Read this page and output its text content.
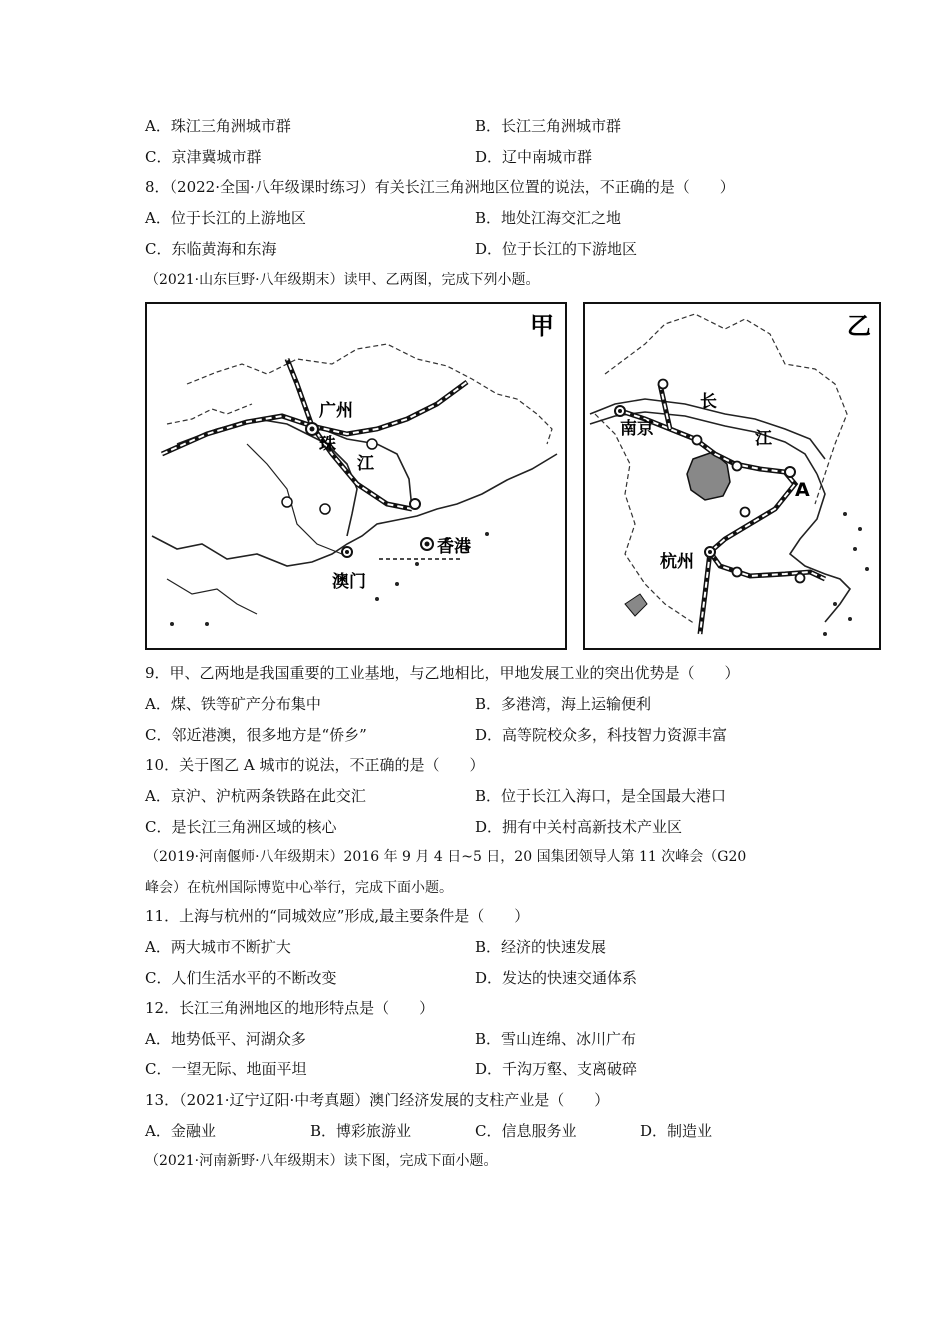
A．珠江三角洲城市群	B．长江三角洲城市群
C．京津冀城市群	D．辽中南城市群
8．（2022·全国·八年级课时练习）有关长江三角洲地区位置的说法，不正确的是（　　）
A．位于长江的上游地区	B．地处江海交汇之地
C．东临黄海和东海	D．位于长江的下游地区
（2021·山东巨野·八年级期末）读甲、乙两图，完成下列小题。
甲
广州
珠
江
香港
澳门
乙
南京
长
江
A
杭州
9．甲、乙两地是我国重要的工业基地，与乙地相比，甲地发展工业的突出优势是（　　）
A．煤、铁等矿产分布集中	B．多港湾，海上运输便利
C．邻近港澳，很多地方是“侨乡”	D．高等院校众多，科技智力资源丰富
10．关于图乙 A 城市的说法，不正确的是（　　）
A．京沪、沪杭两条铁路在此交汇	B．位于长江入海口，是全国最大港口
C．是长江三角洲区域的核心	D．拥有中关村高新技术产业区
（2019·河南偃师·八年级期末）2016 年 9 月 4 日~5 日，20 国集团领导人第 11 次峰会（G20
峰会）在杭州国际博览中心举行，完成下面小题。
11．上海与杭州的“同城效应”形成,最主要条件是（　　）
A．两大城市不断扩大	B．经济的快速发展
C．人们生活水平的不断改变	D．发达的快速交通体系
12．长江三角洲地区的地形特点是（　　）
A．地势低平、河湖众多	B．雪山连绵、冰川广布
C．一望无际、地面平坦	D．千沟万壑、支离破碎
13．（2021·辽宁辽阳·中考真题）澳门经济发展的支柱产业是（　　）
A．金融业	B．博彩旅游业	C．信息服务业	D．制造业
（2021·河南新野·八年级期末）读下图，完成下面小题。
